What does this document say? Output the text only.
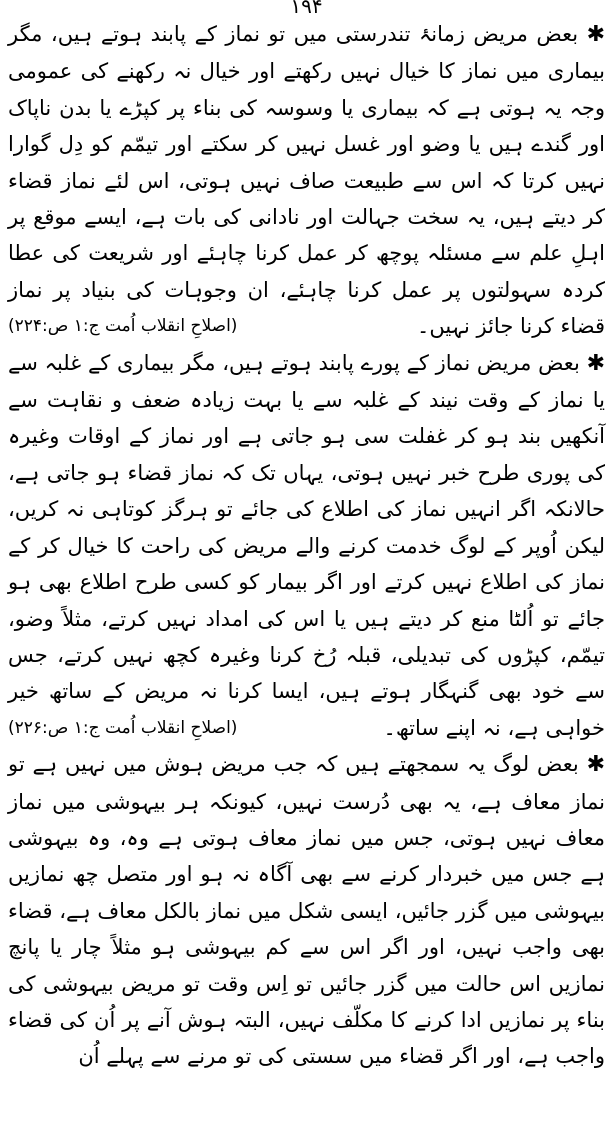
۱۹۴

✱ بعض مریض زمانۂ تندرستی میں تو نماز کے پابند ہوتے ہیں، مگر بیماری میں نماز کا خیال نہیں رکھتے اور خیال نہ رکھنے کی عمومی وجہ یہ ہوتی ہے کہ بیماری یا وسوسہ کی بناء پر کپڑے یا بدن ناپاک اور گندے ہیں یا وضو اور غسل نہیں کر سکتے اور تیمّم کو دِل گوارا نہیں کرتا کہ اس سے طبیعت صاف نہیں ہوتی، اس لئے نماز قضاء کر دیتے ہیں، یہ سخت جہالت اور نادانی کی بات ہے، ایسے موقع پر اہلِ علم سے مسئلہ پوچھ کر عمل کرنا چاہئے اور شریعت کی عطا کردہ سہولتوں پر عمل کرنا چاہئے، ان وجوہات کی بنیاد پر نماز قضاء کرنا جائز نہیں۔
(اصلاحِ انقلاب اُمت ج:۱ ص:۲۲۴)

✱ بعض مریض نماز کے پورے پابند ہوتے ہیں، مگر بیماری کے غلبہ سے یا نماز کے وقت نیند کے غلبہ سے یا بہت زیادہ ضعف و نقاہت سے آنکھیں بند ہو کر غفلت سی ہو جاتی ہے اور نماز کے اوقات وغیرہ کی پوری طرح خبر نہیں ہوتی، یہاں تک کہ نماز قضاء ہو جاتی ہے، حالانکہ اگر انہیں نماز کی اطلاع کی جائے تو ہرگز کوتاہی نہ کریں، لیکن اُوپر کے لوگ خدمت کرنے والے مریض کی راحت کا خیال کر کے نماز کی اطلاع نہیں کرتے اور اگر بیمار کو کسی طرح اطلاع بھی ہو جائے تو اُلٹا منع کر دیتے ہیں یا اس کی امداد نہیں کرتے، مثلاً وضو، تیمّم، کپڑوں کی تبدیلی، قبلہ رُخ کرنا وغیرہ کچھ نہیں کرتے، جس سے خود بھی گنہگار ہوتے ہیں، ایسا کرنا نہ مریض کے ساتھ خیر خواہی ہے، نہ اپنے ساتھ۔
(اصلاحِ انقلاب اُمت ج:۱ ص:۲۲۶)

✱ بعض لوگ یہ سمجھتے ہیں کہ جب مریض ہوش میں نہیں ہے تو نماز معاف ہے، یہ بھی دُرست نہیں، کیونکہ ہر بیہوشی میں نماز معاف نہیں ہوتی، جس میں نماز معاف ہوتی ہے وہ، وہ بیہوشی ہے جس میں خبردار کرنے سے بھی آگاہ نہ ہو اور متصل چھ نمازیں بیہوشی میں گزر جائیں، ایسی شکل میں نماز بالکل معاف ہے، قضاء بھی واجب نہیں، اور اگر اس سے کم بیہوشی ہو مثلاً چار یا پانچ نمازیں اس حالت میں گزر جائیں تو اِس وقت تو مریض بیہوشی کی بناء پر نمازیں ادا کرنے کا مکلّف نہیں، البتہ ہوش آنے پر اُن کی قضاء واجب ہے، اور اگر قضاء میں سستی کی تو مرنے سے پہلے اُن
